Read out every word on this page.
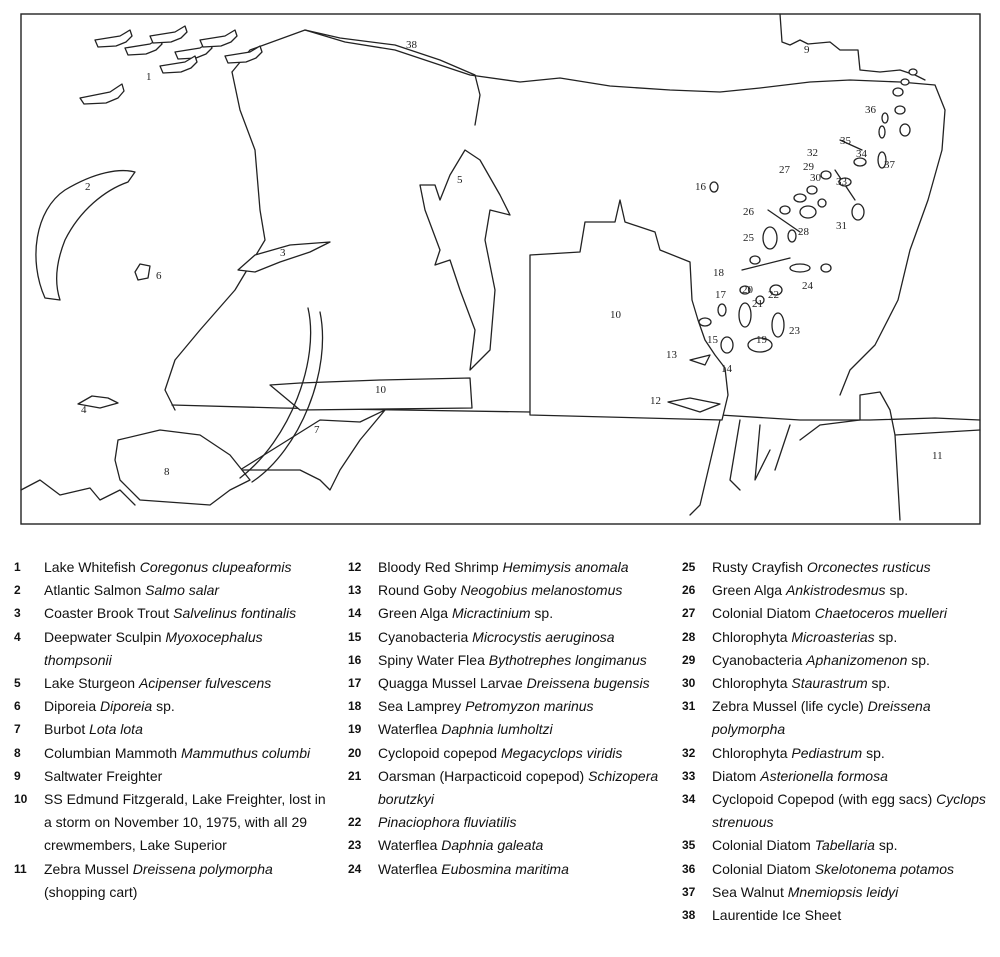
1
2
3
4
5
6
7
8
9
10
10
11
12
13
14
15
16
17
18
19
20
21
22
23
24
25
26
27
28
29
30
31
32
33
34
35
36
37
38
1	Lake Whitefish Coregonus clupeaformis
2	Atlantic Salmon Salmo salar
3	Coaster Brook Trout Salvelinus fontinalis
4	Deepwater Sculpin Myoxocephalus thompsonii
5	Lake Sturgeon Acipenser fulvescens
6	Diporeia Diporeia sp.
7	Burbot Lota lota
8	Columbian Mammoth Mammuthus columbi
9	Saltwater Freighter
10	SS Edmund Fitzgerald, Lake Freighter, lost in a storm on November 10, 1975, with all 29 crewmembers, Lake Superior
11	Zebra Mussel Dreissena polymorpha (shopping cart)
12	Bloody Red Shrimp Hemimysis anomala
13	Round Goby Neogobius melanostomus
14	Green Alga Micractinium sp.
15	Cyanobacteria Microcystis aeruginosa
16	Spiny Water Flea Bythotrephes longimanus
17	Quagga Mussel Larvae Dreissena bugensis
18	Sea Lamprey Petromyzon marinus
19	Waterflea Daphnia lumholtzi
20	Cyclopoid copepod Megacyclops viridis
21	Oarsman (Harpacticoid copepod) Schizopera borutzkyi
22	Pinaciophora fluviatilis
23	Waterflea Daphnia galeata
24	Waterflea Eubosmina maritima
25	Rusty Crayfish Orconectes rusticus
26	Green Alga Ankistrodesmus sp.
27	Colonial Diatom Chaetoceros muelleri
28	Chlorophyta Microasterias sp.
29	Cyanobacteria Aphanizomenon sp.
30	Chlorophyta Staurastrum sp.
31	Zebra Mussel (life cycle) Dreissena polymorpha
32	Chlorophyta Pediastrum sp.
33	Diatom Asterionella formosa
34	Cyclopoid Copepod (with egg sacs) Cyclops strenuous
35	Colonial Diatom Tabellaria sp.
36	Colonial Diatom Skelotonema potamos
37	Sea Walnut Mnemiopsis leidyi
38	Laurentide Ice Sheet
